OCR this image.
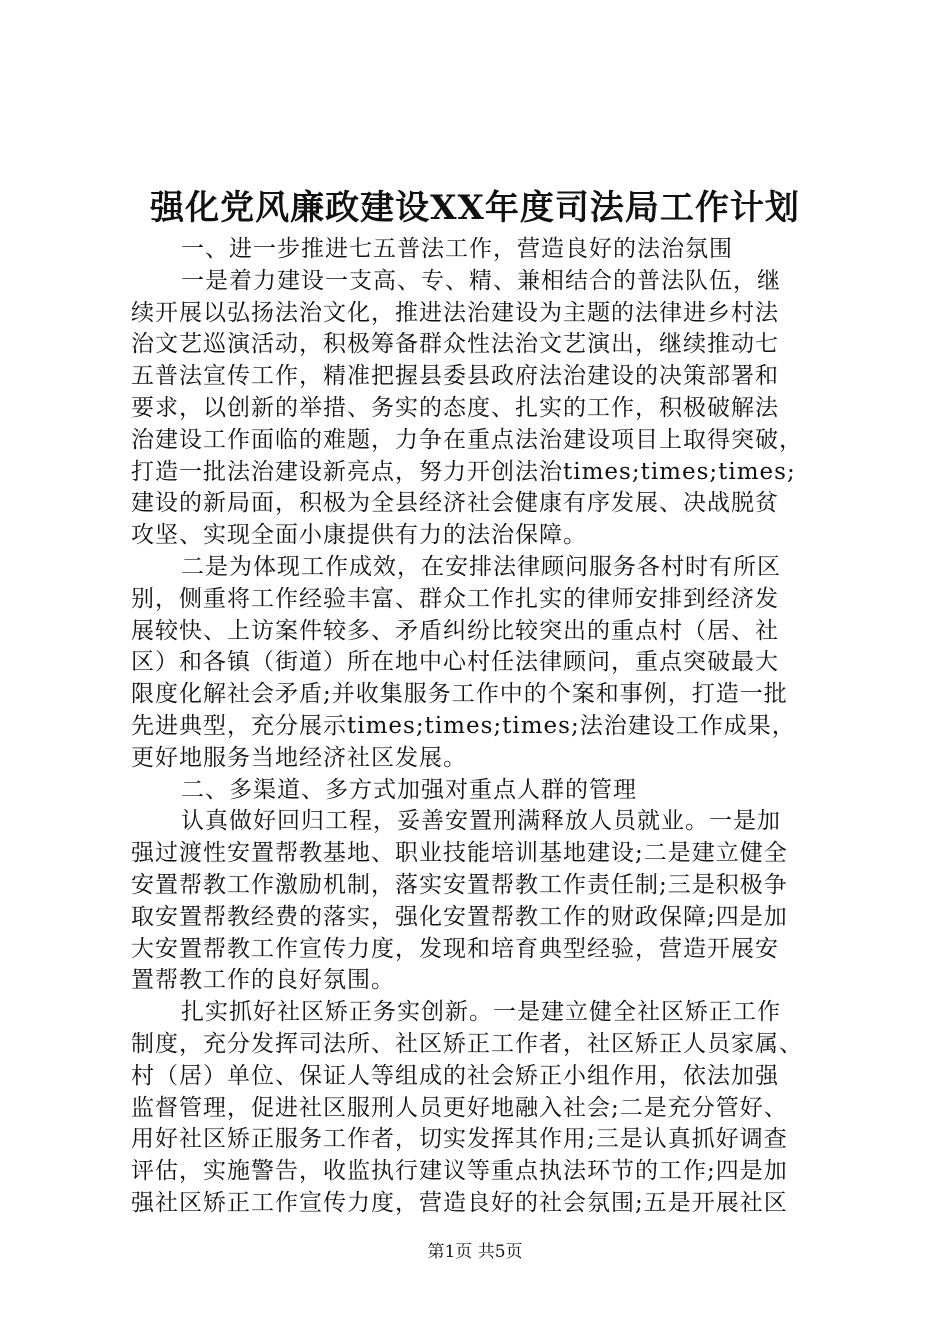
强化党风廉政建设XX年度司法局工作计划
一、进一步推进七五普法工作，营造良好的法治氛围
一是着力建设一支高、专、精、兼相结合的普法队伍，继
续开展以弘扬法治文化，推进法治建设为主题的法律进乡村法
治文艺巡演活动，积极筹备群众性法治文艺演出，继续推动七
五普法宣传工作，精准把握县委县政府法治建设的决策部署和
要求，以创新的举措、务实的态度、扎实的工作，积极破解法
治建设工作面临的难题，力争在重点法治建设项目上取得突破，
打造一批法治建设新亮点，努力开创法治times;times;times;
建设的新局面，积极为全县经济社会健康有序发展、决战脱贫
攻坚、实现全面小康提供有力的法治保障。
二是为体现工作成效，在安排法律顾问服务各村时有所区
别，侧重将工作经验丰富、群众工作扎实的律师安排到经济发
展较快、上访案件较多、矛盾纠纷比较突出的重点村（居、社
区）和各镇（街道）所在地中心村任法律顾问，重点突破最大
限度化解社会矛盾;并收集服务工作中的个案和事例，打造一批
先进典型，充分展示times;times;times;法治建设工作成果，
更好地服务当地经济社区发展。
二、多渠道、多方式加强对重点人群的管理
认真做好回归工程，妥善安置刑满释放人员就业。一是加
强过渡性安置帮教基地、职业技能培训基地建设;二是建立健全
安置帮教工作激励机制，落实安置帮教工作责任制;三是积极争
取安置帮教经费的落实，强化安置帮教工作的财政保障;四是加
大安置帮教工作宣传力度，发现和培育典型经验，营造开展安
置帮教工作的良好氛围。
扎实抓好社区矫正务实创新。一是建立健全社区矫正工作
制度，充分发挥司法所、社区矫正工作者，社区矫正人员家属、
村（居）单位、保证人等组成的社会矫正小组作用，依法加强
监督管理，促进社区服刑人员更好地融入社会;二是充分管好、
用好社区矫正服务工作者，切实发挥其作用;三是认真抓好调查
评估，实施警告，收监执行建议等重点执法环节的工作;四是加
强社区矫正工作宣传力度，营造良好的社会氛围;五是开展社区
第1页 共5页
